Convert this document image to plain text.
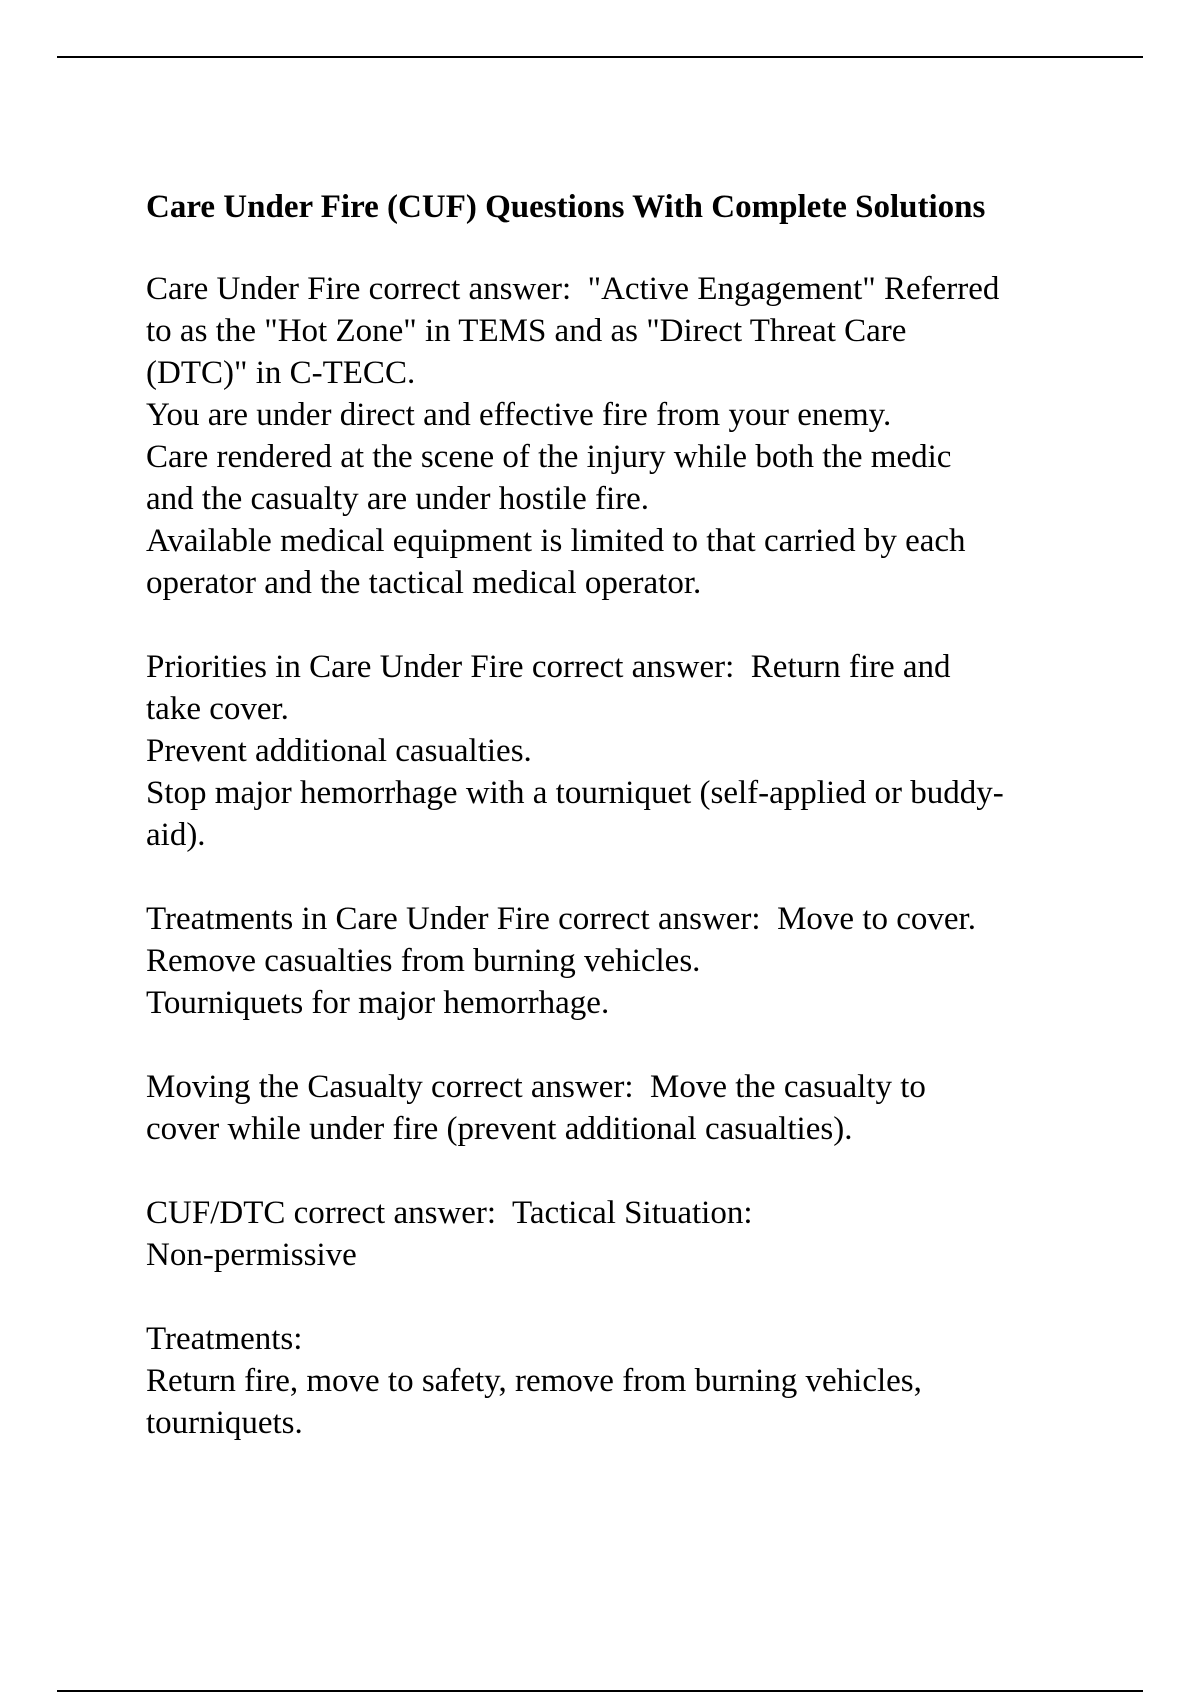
Care Under Fire (CUF) Questions With Complete Solutions
Care Under Fire correct answer:  "Active Engagement" Referred
to as the "Hot Zone" in TEMS and as "Direct Threat Care
(DTC)" in C-TECC.
You are under direct and effective fire from your enemy.
Care rendered at the scene of the injury while both the medic
and the casualty are under hostile fire.
Available medical equipment is limited to that carried by each
operator and the tactical medical operator.
Priorities in Care Under Fire correct answer:  Return fire and
take cover.
Prevent additional casualties.
Stop major hemorrhage with a tourniquet (self-applied or buddy-
aid).
Treatments in Care Under Fire correct answer:  Move to cover.
Remove casualties from burning vehicles.
Tourniquets for major hemorrhage.
Moving the Casualty correct answer:  Move the casualty to
cover while under fire (prevent additional casualties).
CUF/DTC correct answer:  Tactical Situation:
Non-permissive
Treatments:
Return fire, move to safety, remove from burning vehicles,
tourniquets.
